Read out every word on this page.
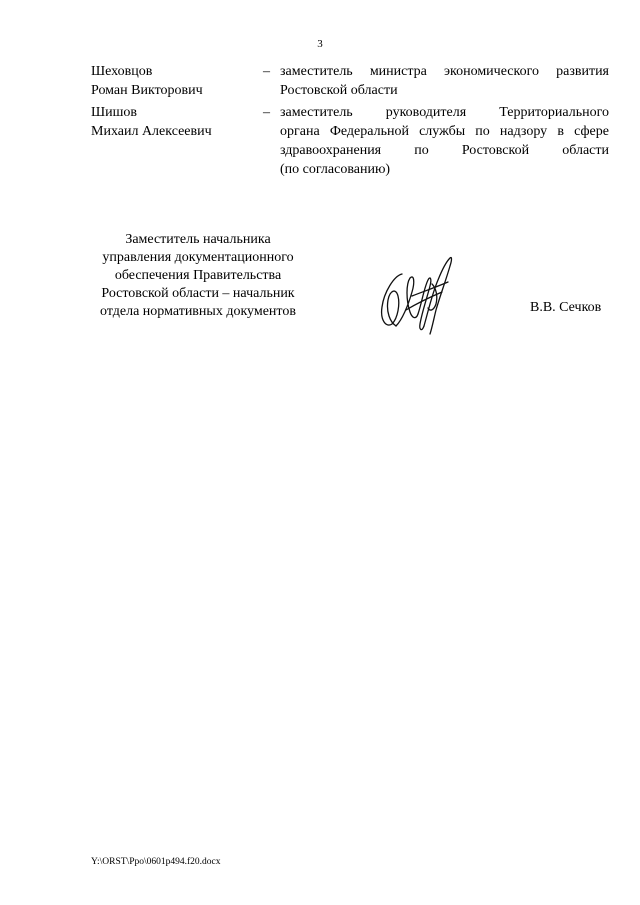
3
Шеховцов
Роман Викторович
– заместитель министра экономического развития
Ростовской области
Шишов
Михаил Алексеевич
– заместитель руководителя Территориального
органа Федеральной службы по надзору в сфере
здравоохранения по Ростовской области
(по согласованию)
Заместитель начальника
управления документационного
обеспечения Правительства
Ростовской области – начальник
отдела нормативных документов	В.В. Сечков
Y:\ORST\Ppo\0601p494.f20.docx
